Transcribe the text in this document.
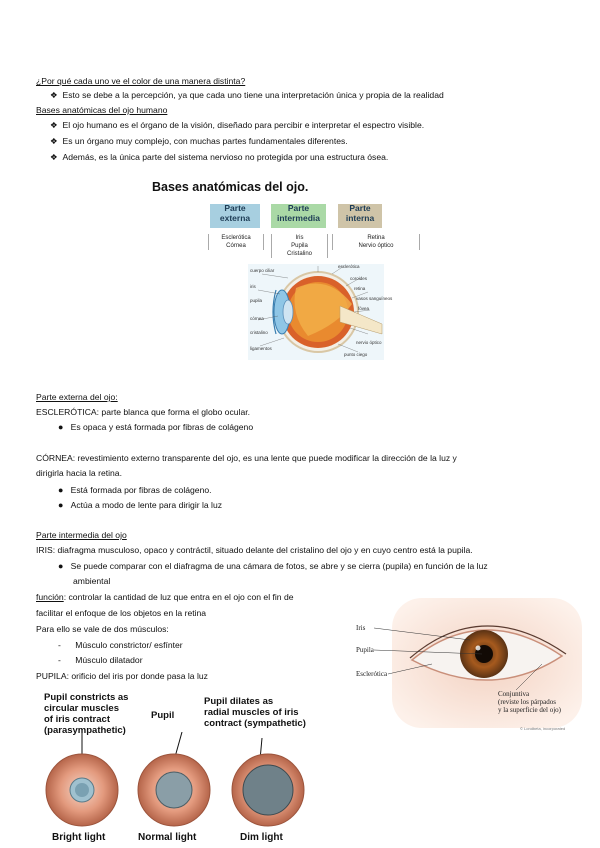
¿Por qué cada uno ve el color de una manera distinta?
❖ Esto se debe a la percepción, ya que cada uno tiene una interpretación única y propia de la realidad
Bases anatómicas del ojo humano
❖ El ojo humano es el órgano de la visión, diseñado para percibir e interpretar el espectro visible.
❖ Es un órgano muy complejo, con muchas partes fundamentales diferentes.
❖ Además, es la única parte del sistema nervioso no protegida por una estructura ósea.
Bases anatómicas del ojo.
Parte
externa
Parte
intermedia
Parte
interna
Esclerótica
Córnea
Iris
Pupila
Cristalino
Retina
Nervio óptico
cuerpo ciliar
iris
pupila
córnea
cristalino
ligamentos
esclerótica
coroides
retina
vasos sanguíneos
fóvea
nervio óptico
punto ciego
Parte externa del ojo:
ESCLERÓTICA: parte blanca que forma el globo ocular.
● Es opaca y está formada por fibras de colágeno
CÓRNEA: revestimiento externo transparente del ojo, es una lente que puede modificar la dirección de la luz y
dirigirla hacia la retina.
● Está formada por fibras de colágeno.
● Actúa a modo de lente para dirigir la luz
Parte intermedia del ojo
IRIS: diafragma musculoso, opaco y contráctil, situado delante del cristalino del ojo y en cuyo centro está la pupila.
● Se puede comparar con el diafragma de una cámara de fotos, se abre y se cierra (pupila) en función de la luz
ambiental
función: controlar la cantidad de luz que entra en el ojo con el fin de
facilitar el enfoque de los objetos en la retina
Para ello se vale de dos músculos:
- Músculo constrictor/ esfínter
- Músculo dilatador
PUPILA: orificio del iris por donde pasa la luz
Iris
Pupila
Esclerótica
Conjuntiva
(reviste los párpados
y la superficie del ojo)
© Londbeta, incorporated
Pupil constricts as
circular muscles
of iris contract
(parasympathetic)
Pupil
Pupil dilates as
radial muscles of iris
contract (sympathetic)
Bright light	Normal light	Dim light
